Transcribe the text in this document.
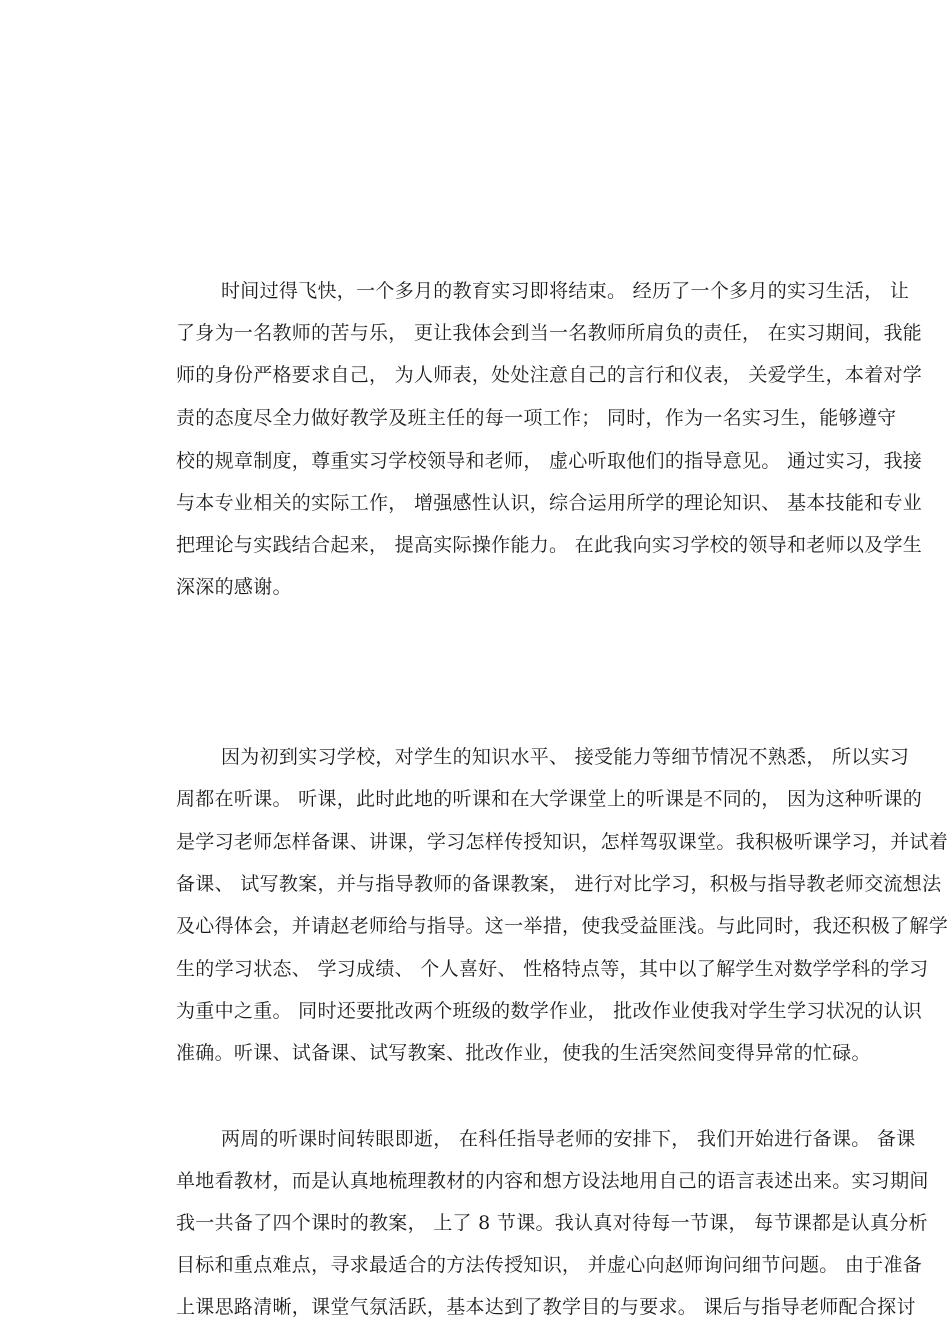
时间过得飞快，一个多月的教育实习即将结束。 经历了一个多月的实习生活， 让
了身为一名教师的苦与乐， 更让我体会到当一名教师所肩负的责任， 在实习期间，我能
师的身份严格要求自己， 为人师表，处处注意自己的言行和仪表， 关爱学生，本着对学
责的态度尽全力做好教学及班主任的每一项工作； 同时，作为一名实习生，能够遵守
校的规章制度，尊重实习学校领导和老师， 虚心听取他们的指导意见。 通过实习，我接
与本专业相关的实际工作， 增强感性认识，综合运用所学的理论知识、 基本技能和专业
把理论与实践结合起来， 提高实际操作能力。 在此我向实习学校的领导和老师以及学生
深深的感谢。
因为初到实习学校，对学生的知识水平、 接受能力等细节情况不熟悉， 所以实习
周都在听课。 听课，此时此地的听课和在大学课堂上的听课是不同的， 因为这种听课的
是学习老师怎样备课、讲课，学习怎样传授知识，怎样驾驭课堂。我积极听课学习，并试着
备课、 试写教案，并与指导教师的备课教案， 进行对比学习，积极与指导教老师交流想法
及心得体会，并请赵老师给与指导。这一举措，使我受益匪浅。与此同时，我还积极了解学
生的学习状态、 学习成绩、 个人喜好、 性格特点等，其中以了解学生对数学学科的学习
为重中之重。 同时还要批改两个班级的数学作业， 批改作业使我对学生学习状况的认识
准确。听课、试备课、试写教案、批改作业，使我的生活突然间变得异常的忙碌。
两周的听课时间转眼即逝， 在科任指导老师的安排下， 我们开始进行备课。 备课
单地看教材，而是认真地梳理教材的内容和想方设法地用自己的语言表述出来。实习期间
我一共备了四个课时的教案， 上了 8 节课。我认真对待每一节课， 每节课都是认真分析
目标和重点难点，寻求最适合的方法传授知识， 并虚心向赵师询问细节问题。 由于准备
上课思路清晰，课堂气氛活跃，基本达到了教学目的与要求。 课后与指导老师配合探讨
